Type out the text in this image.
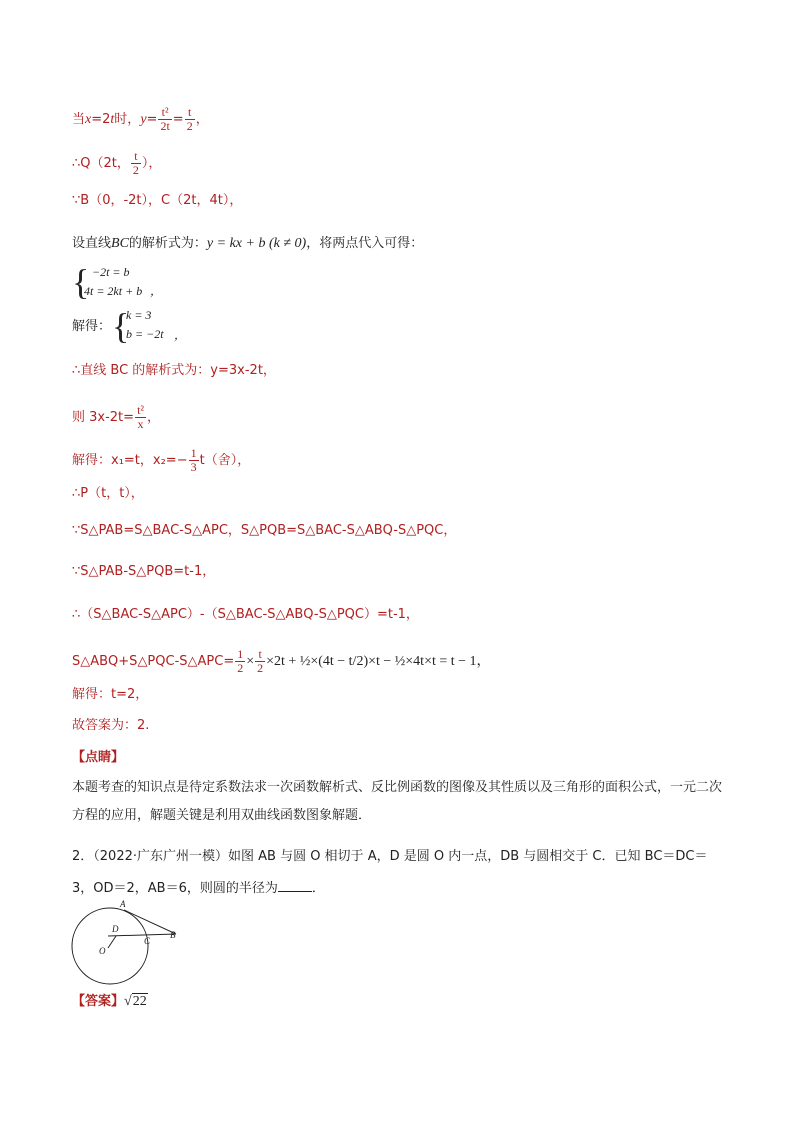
当x=2t时，$y= \frac{\text{t²}}{2t} = \frac{t}{2}$ ，
∴Q（2t， $\frac{t}{2}$ ），
∵B（0，-2t），C（2t，4t），
设直线BC的解析式为：y = kx + b (k ≠ 0)，将两点代入可得：
{ −2t = b
4t = 2kt + b ，
解得： {
k = 3
b = −2t ，
∴直线 BC 的解析式为：y=3x-2t，
则 $3x-2t= \frac{\text{t²}}{x}$ ，
解得：x₁=t，$x_2=- \frac{1}{3} t$（舍），
∴P（t，t），
∵S△PAB=S△BAC-S△APC，S△PQB=S△BAC-S△ABQ-S△PQC，
∵S△PAB-S△PQB=t-1，
∴（S△BAC-S△APC）-（S△BAC-S△ABQ-S△PQC）=t-1，
S△ABQ+S△PQC-S△APC= $\frac{1}{2} \times \frac{t}{2} \times 2t$ + ½×(4t − t/2)×t − ½×4t×t = t − 1，
解得：t=2，
故答案为：2.
【点睛】
本题考查的知识点是待定系数法求一次函数解析式、反比例函数的图像及其性质以及三角形的面积公式，一元二次方程的应用，解题关键是利用双曲线函数图象解题．
2．（2022·广东广州一模）如图 AB 与圆 O 相切于 A，D 是圆 O 内一点，DB 与圆相交于 C．已知 BC＝DC＝
3，OD＝2，AB＝6，则圆的半径为	．
A
B
C
D
O
【答案】√22
